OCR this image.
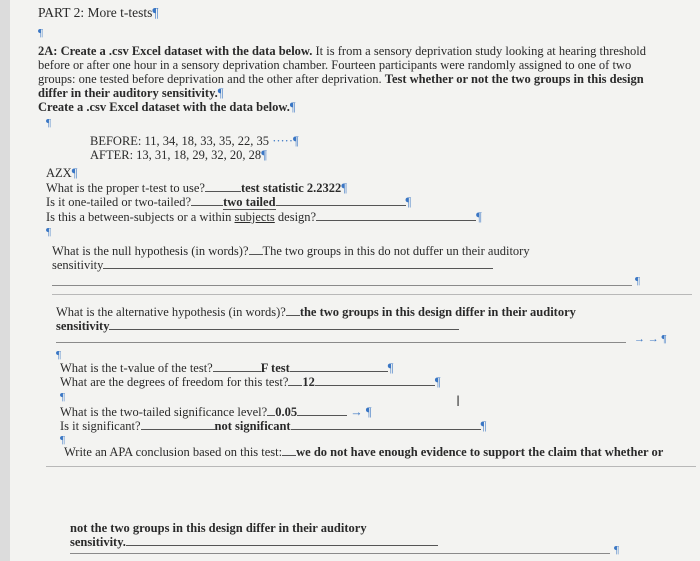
PART 2: More t-tests¶
¶
2A: Create a .csv Excel dataset with the data below. It is from a sensory deprivation study looking at hearing threshold
before or after one hour in a sensory deprivation chamber. Fourteen participants were randomly assigned to one of two
groups: one tested before deprivation and the other after deprivation. Test whether or not the two groups in this design
differ in their auditory sensitivity.¶
Create a .csv Excel dataset with the data below.¶
¶
BEFORE: 11, 34, 18, 33, 35, 22, 35 ·····¶
AFTER: 13, 31, 18, 29, 32, 20, 28¶
AZX¶
What is the proper t-test to use?	test statistic 2.2322¶
Is it one-tailed or two-tailed?	two tailed	¶
Is this a between-subjects or a within subjects design?	¶
¶
What is the null hypothesis (in words)? The two groups in this do not duffer un their auditory
sensitivity
¶
What is the alternative hypothesis (in words)? the two groups in this design differ in their auditory
sensitivity
→ → ¶
¶
What is the t-value of the test?	F test	¶
What are the degrees of freedom for this test? 12	¶
¶	I
What is the two-tailed significance level? 0.05	→ ¶
Is it significant?	not significant	¶
¶
Write an APA conclusion based on this test: we do not have enough evidence to support the claim that whether or
not the two groups in this design differ in their auditory
sensitivity.
¶
